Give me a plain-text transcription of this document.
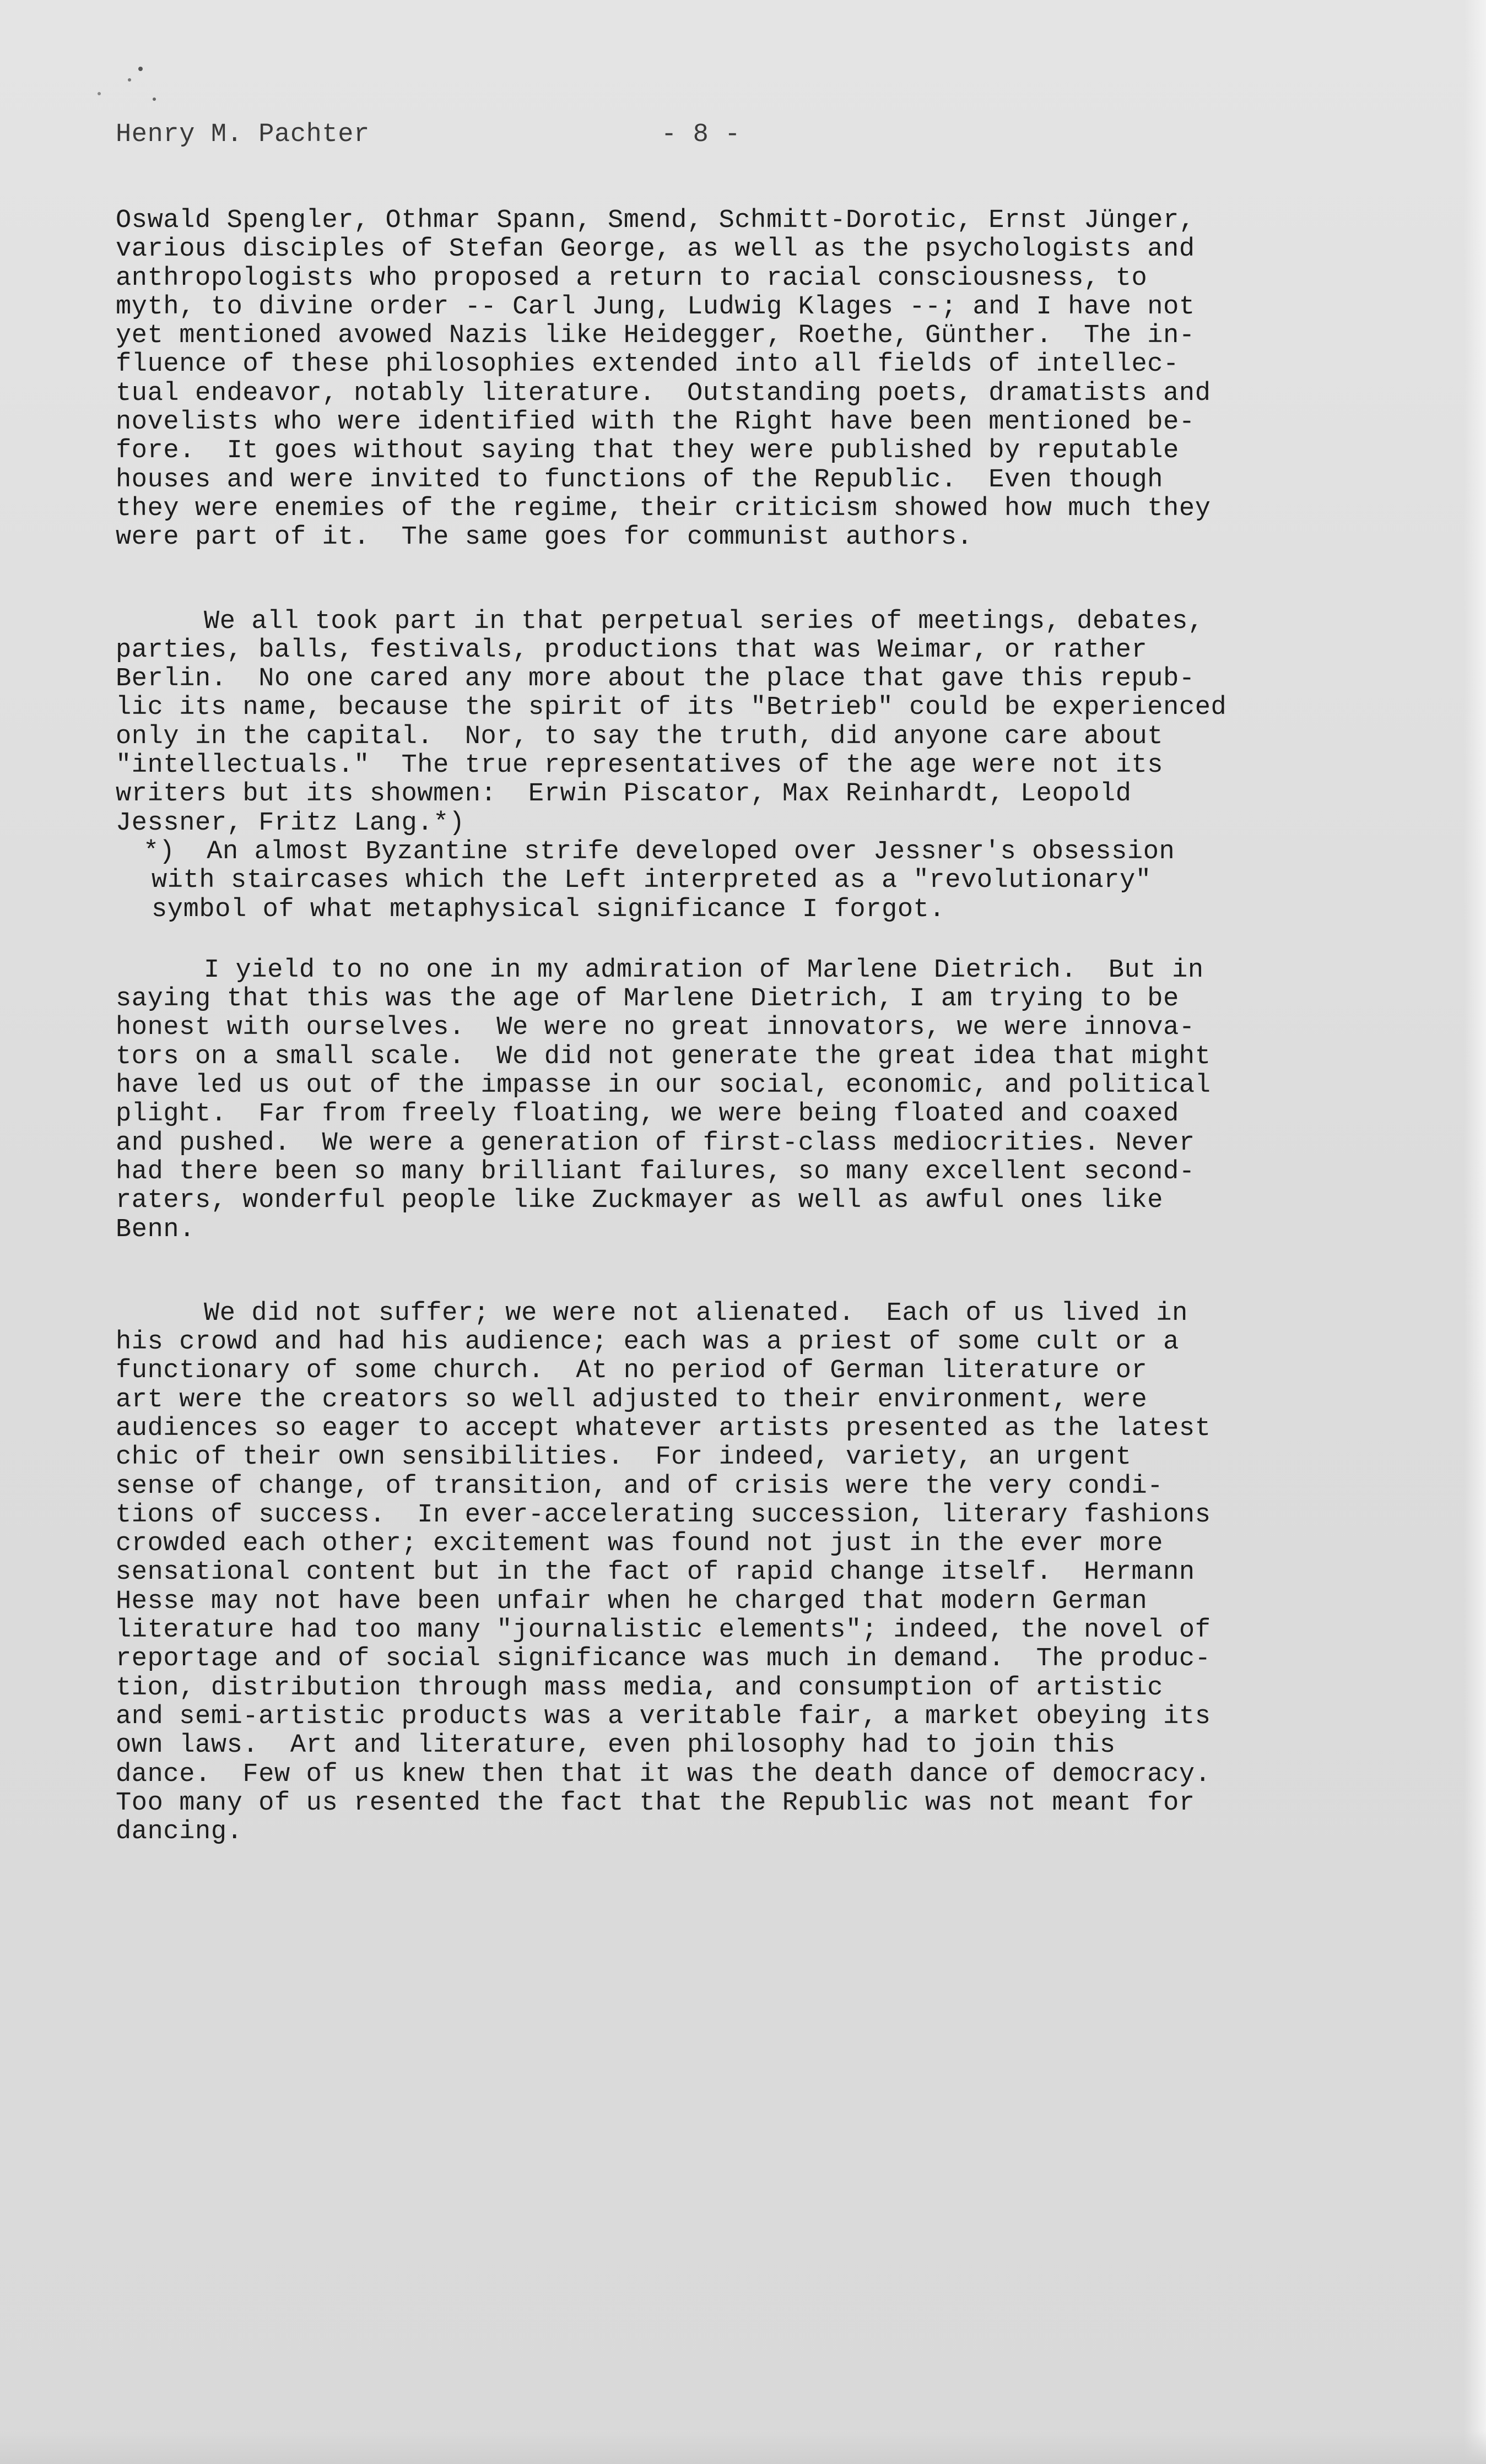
Henry M. Pachter	- 8 -
Oswald Spengler, Othmar Spann, Smend, Schmitt-Dorotic, Ernst Jünger,
various disciples of Stefan George, as well as the psychologists and
anthropologists who proposed a return to racial consciousness, to
myth, to divine order -- Carl Jung, Ludwig Klages --; and I have not
yet mentioned avowed Nazis like Heidegger, Roethe, Günther.  The in-
fluence of these philosophies extended into all fields of intellec-
tual endeavor, notably literature.  Outstanding poets, dramatists and
novelists who were identified with the Right have been mentioned be-
fore.  It goes without saying that they were published by reputable
houses and were invited to functions of the Republic.  Even though
they were enemies of the regime, their criticism showed how much they
were part of it.  The same goes for communist authors.
We all took part in that perpetual series of meetings, debates,
parties, balls, festivals, productions that was Weimar, or rather
Berlin.  No one cared any more about the place that gave this repub-
lic its name, because the spirit of its "Betrieb" could be experienced
only in the capital.  Nor, to say the truth, did anyone care about
"intellectuals."  The true representatives of the age were not its
writers but its showmen:  Erwin Piscator, Max Reinhardt, Leopold
Jessner, Fritz Lang.*)
*)  An almost Byzantine strife developed over Jessner's obsession
with staircases which the Left interpreted as a "revolutionary"
symbol of what metaphysical significance I forgot.
I yield to no one in my admiration of Marlene Dietrich.  But in
saying that this was the age of Marlene Dietrich, I am trying to be
honest with ourselves.  We were no great innovators, we were innova-
tors on a small scale.  We did not generate the great idea that might
have led us out of the impasse in our social, economic, and political
plight.  Far from freely floating, we were being floated and coaxed
and pushed.  We were a generation of first-class mediocrities. Never
had there been so many brilliant failures, so many excellent second-
raters, wonderful people like Zuckmayer as well as awful ones like
Benn.
We did not suffer; we were not alienated.  Each of us lived in
his crowd and had his audience; each was a priest of some cult or a
functionary of some church.  At no period of German literature or
art were the creators so well adjusted to their environment, were
audiences so eager to accept whatever artists presented as the latest
chic of their own sensibilities.  For indeed, variety, an urgent
sense of change, of transition, and of crisis were the very condi-
tions of success.  In ever-accelerating succession, literary fashions
crowded each other; excitement was found not just in the ever more
sensational content but in the fact of rapid change itself.  Hermann
Hesse may not have been unfair when he charged that modern German
literature had too many "journalistic elements"; indeed, the novel of
reportage and of social significance was much in demand.  The produc-
tion, distribution through mass media, and consumption of artistic
and semi-artistic products was a veritable fair, a market obeying its
own laws.  Art and literature, even philosophy had to join this
dance.  Few of us knew then that it was the death dance of democracy.
Too many of us resented the fact that the Republic was not meant for
dancing.
